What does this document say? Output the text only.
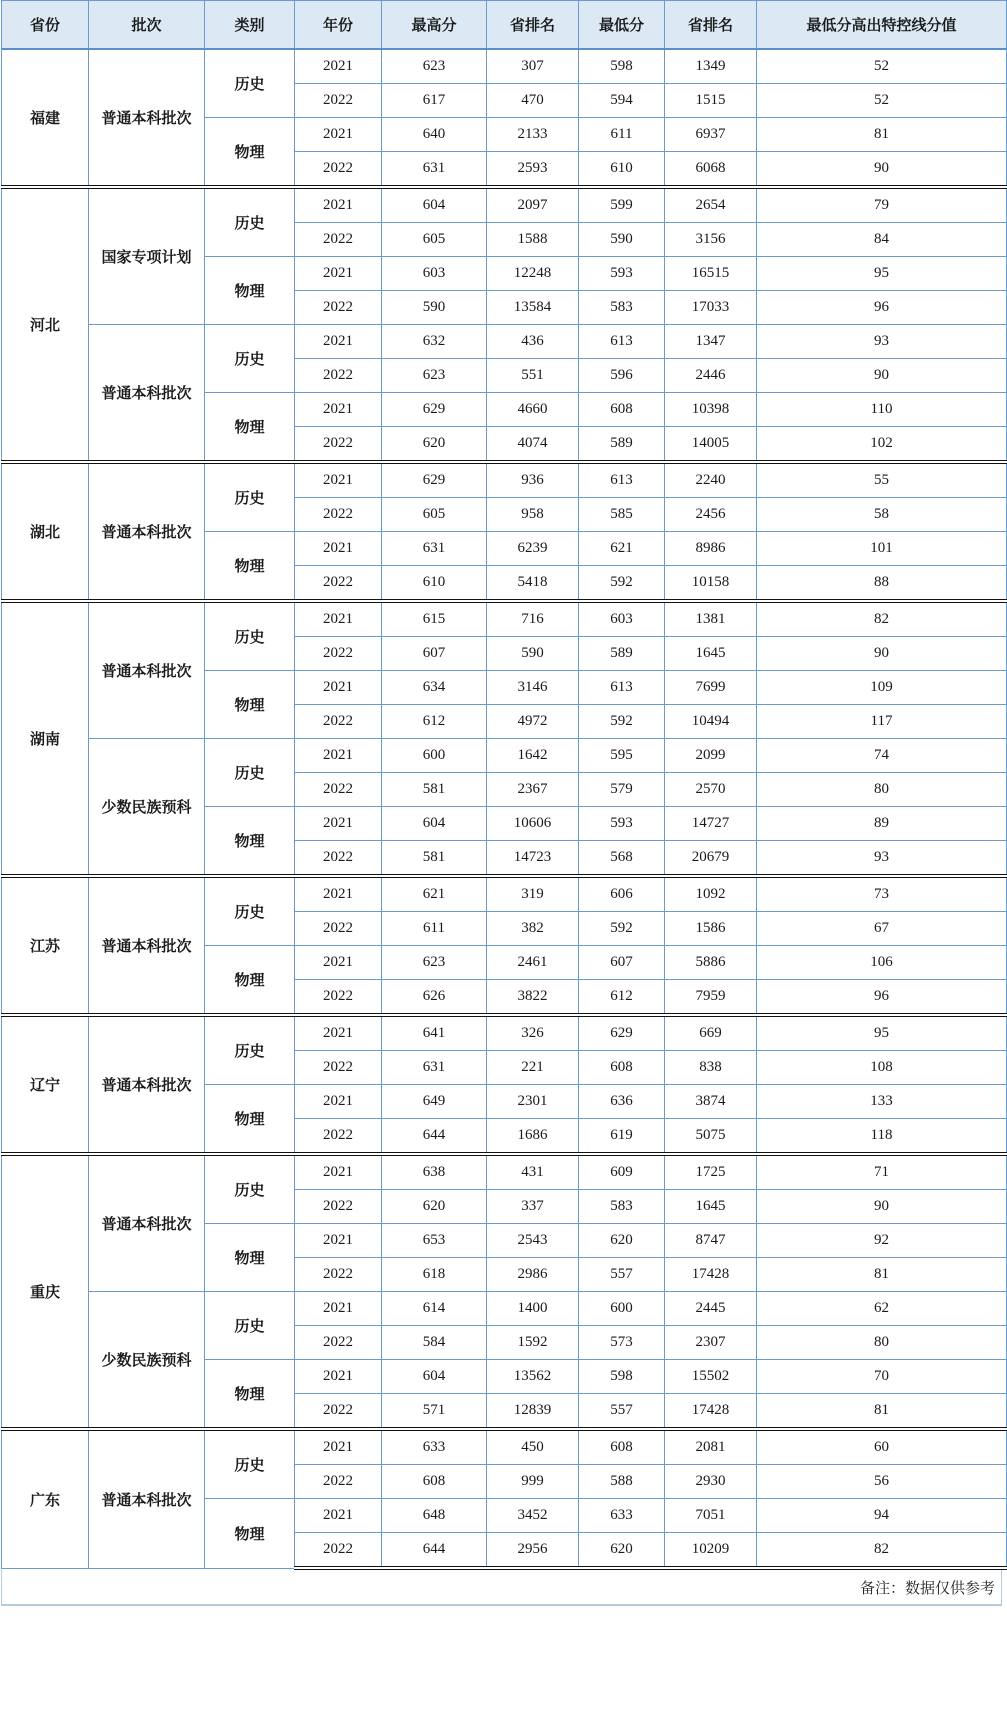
省份	批次	类别	年份	最高分	省排名	最低分	省排名	最低分高出特控线分值
福建	普通本科批次	历史	2021	623	307	598	1349	52
			2022	617	470	594	1515	52
		物理	2021	640	2133	611	6937	81
			2022	631	2593	610	6068	90
河北	国家专项计划	历史	2021	604	2097	599	2654	79
			2022	605	1588	590	3156	84
		物理	2021	603	12248	593	16515	95
			2022	590	13584	583	17033	96
	普通本科批次	历史	2021	632	436	613	1347	93
			2022	623	551	596	2446	90
		物理	2021	629	4660	608	10398	110
			2022	620	4074	589	14005	102
湖北	普通本科批次	历史	2021	629	936	613	2240	55
			2022	605	958	585	2456	58
		物理	2021	631	6239	621	8986	101
			2022	610	5418	592	10158	88
湖南	普通本科批次	历史	2021	615	716	603	1381	82
			2022	607	590	589	1645	90
		物理	2021	634	3146	613	7699	109
			2022	612	4972	592	10494	117
	少数民族预科	历史	2021	600	1642	595	2099	74
			2022	581	2367	579	2570	80
		物理	2021	604	10606	593	14727	89
			2022	581	14723	568	20679	93
江苏	普通本科批次	历史	2021	621	319	606	1092	73
			2022	611	382	592	1586	67
		物理	2021	623	2461	607	5886	106
			2022	626	3822	612	7959	96
辽宁	普通本科批次	历史	2021	641	326	629	669	95
			2022	631	221	608	838	108
		物理	2021	649	2301	636	3874	133
			2022	644	1686	619	5075	118
重庆	普通本科批次	历史	2021	638	431	609	1725	71
			2022	620	337	583	1645	90
		物理	2021	653	2543	620	8747	92
			2022	618	2986	557	17428	81
	少数民族预科	历史	2021	614	1400	600	2445	62
			2022	584	1592	573	2307	80
		物理	2021	604	13562	598	15502	70
			2022	571	12839	557	17428	81
广东	普通本科批次	历史	2021	633	450	608	2081	60
			2022	608	999	588	2930	56
		物理	2021	648	3452	633	7051	94
			2022	644	2956	620	10209	82
备注：数据仅供参考
